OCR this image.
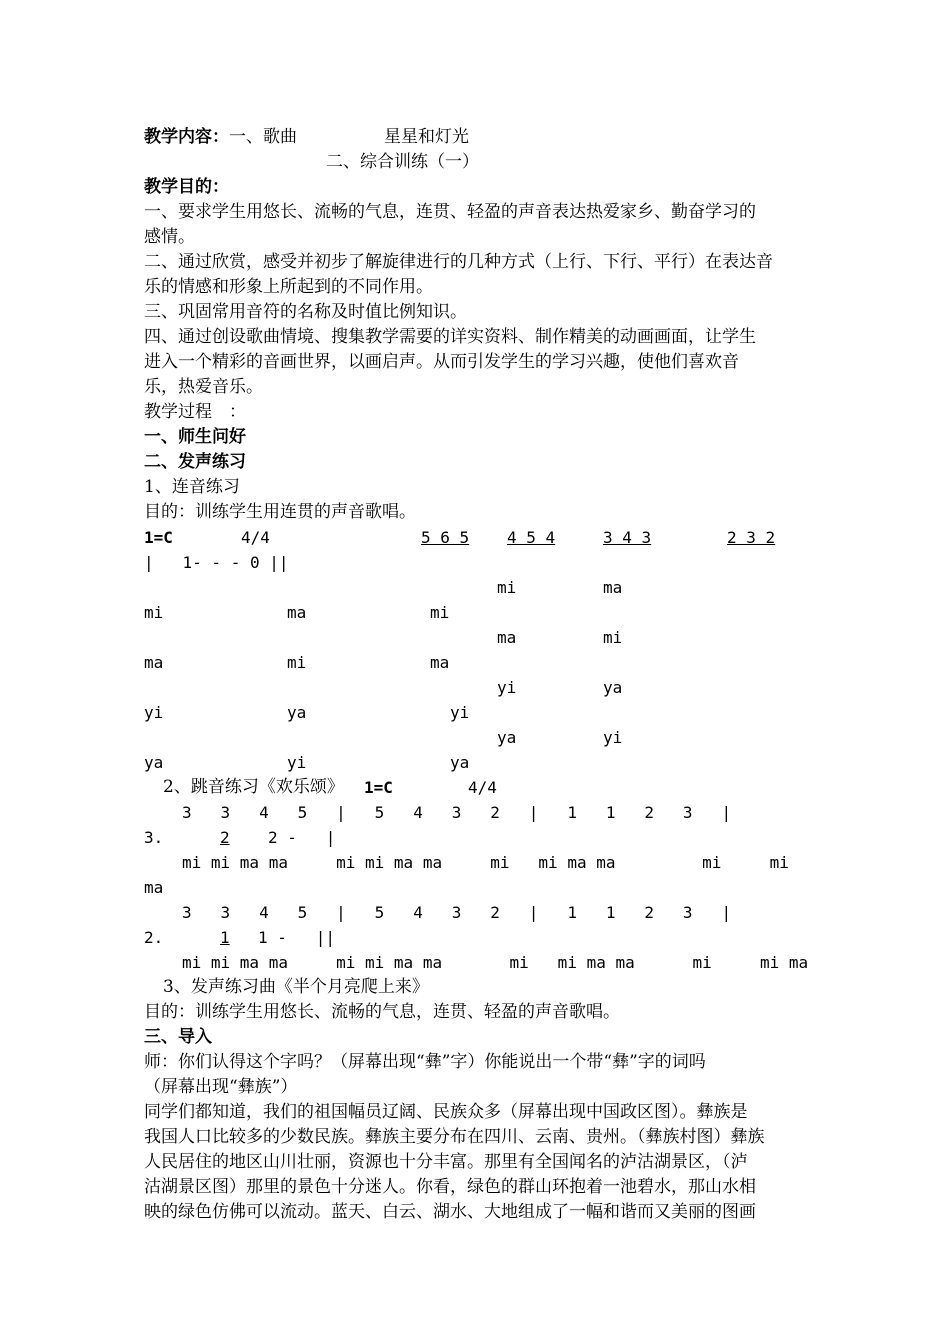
教学内容：一、歌曲	星星和灯光
二、综合训练（一）
教学目的：
一、要求学生用悠长、流畅的气息，连贯、轻盈的声音表达热爱家乡、勤奋学习的
感情。
二、通过欣赏，感受并初步了解旋律进行的几种方式（上行、下行、平行）在表达音
乐的情感和形象上所起到的不同作用。
三、巩固常用音符的名称及时值比例知识。
四、通过创设歌曲情境、搜集教学需要的详实资料、制作精美的动画画面，让学生
进入一个精彩的音画世界，以画启声。从而引发学生的学习兴趣，使他们喜欢音
乐，热爱音乐。
教学过程　：
一、师生问好
二、发声练习
1、连音练习
目的：训练学生用连贯的声音歌唱。
1=C	4/4	5 6 5 4 5 4	3 4 3	2 3 2
|   1- - - 0 ||
mi	ma
mi	ma	mi
ma	mi
ma	mi	ma
yi	ya
yi	ya	yi
ya	yi
ya	yi	ya
2、跳音练习《欢乐颂》 1=C	4/4
3   3   4   5   |   5   4   3   2   |   1   1   2   3   |
3.	2 2 -   |
mi mi ma ma     mi mi ma ma     mi   mi ma ma         mi     mi
ma
3   3   4   5   |   5   4   3   2   |   1   1   2   3   |
2.	1 1 -   ||
mi mi ma ma     mi mi ma ma       mi   mi ma ma      mi     mi ma
3、发声练习曲《半个月亮爬上来》
目的：训练学生用悠长、流畅的气息，连贯、轻盈的声音歌唱。
三、导入
师：你们认得这个字吗？（屏幕出现“彝”字）你能说出一个带“彝”字的词吗
（屏幕出现“彝族”）
同学们都知道，我们的祖国幅员辽阔、民族众多（屏幕出现中国政区图）。彝族是
我国人口比较多的少数民族。彝族主要分布在四川、云南、贵州。（彝族村图）彝族
人民居住的地区山川壮丽，资源也十分丰富。那里有全国闻名的泸沽湖景区，（泸
沽湖景区图）那里的景色十分迷人。你看，绿色的群山环抱着一池碧水，那山水相
映的绿色仿佛可以流动。蓝天、白云、湖水、大地组成了一幅和谐而又美丽的图画
